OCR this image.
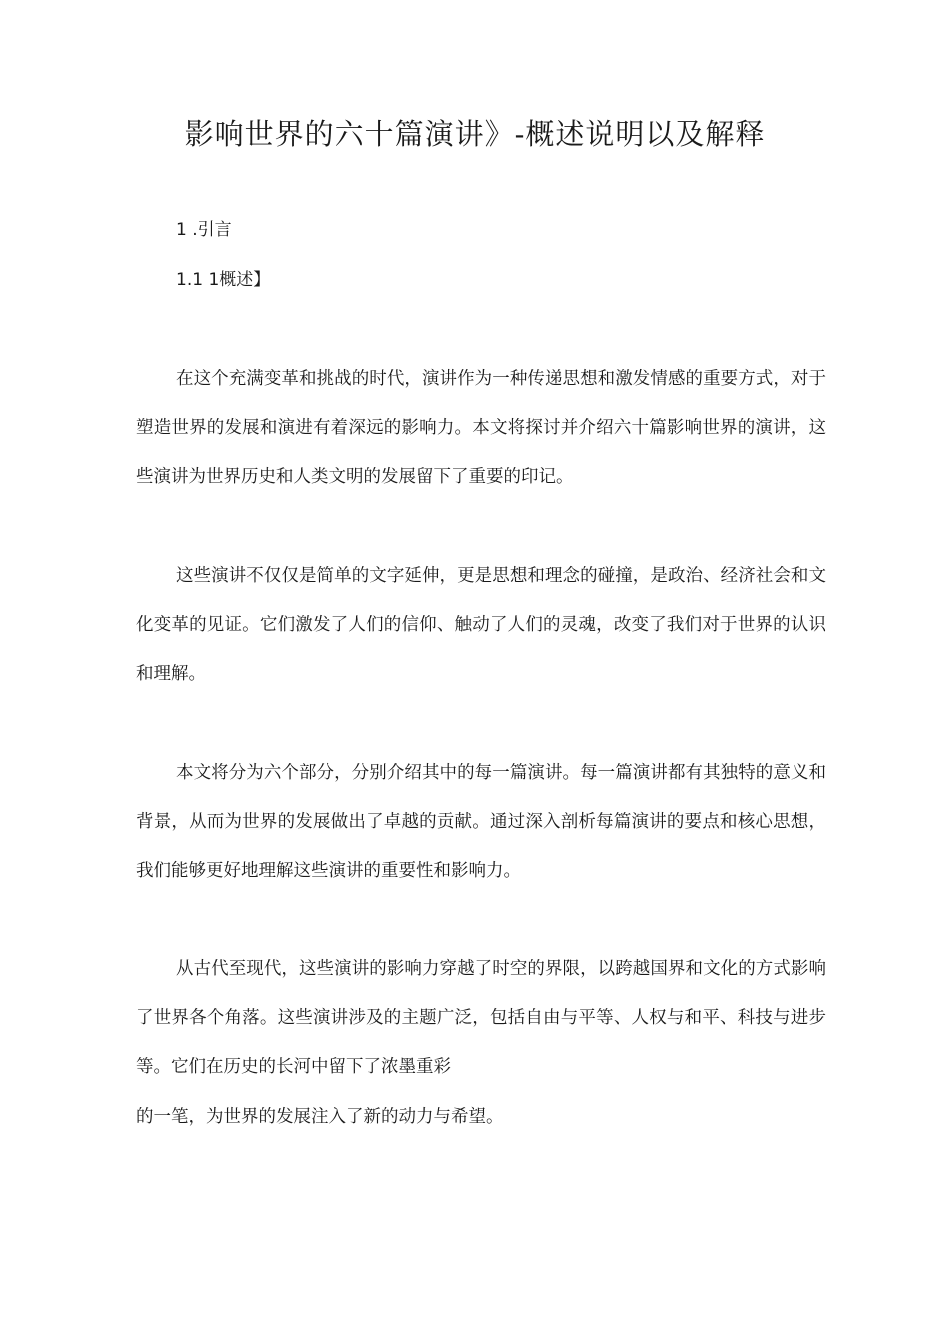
影响世界的六十篇演讲》-概述说明以及解释
1 .引言
1.1 1概述】

在这个充满变革和挑战的时代，演讲作为一种传递思想和激发情感的重要方式，对于塑造世界的发展和演进有着深远的影响力。本文将探讨并介绍六十篇影响世界的演讲，这些演讲为世界历史和人类文明的发展留下了重要的印记。

这些演讲不仅仅是简单的文字延伸，更是思想和理念的碰撞，是政治、经济社会和文化变革的见证。它们激发了人们的信仰、触动了人们的灵魂，改变了我们对于世界的认识和理解。

本文将分为六个部分，分别介绍其中的每一篇演讲。每一篇演讲都有其独特的意义和背景，从而为世界的发展做出了卓越的贡献。通过深入剖析每篇演讲的要点和核心思想，我们能够更好地理解这些演讲的重要性和影响力。

从古代至现代，这些演讲的影响力穿越了时空的界限，以跨越国界和文化的方式影响了世界各个角落。这些演讲涉及的主题广泛，包括自由与平等、人权与和平、科技与进步等。它们在历史的长河中留下了浓墨重彩

的一笔，为世界的发展注入了新的动力与希望。
